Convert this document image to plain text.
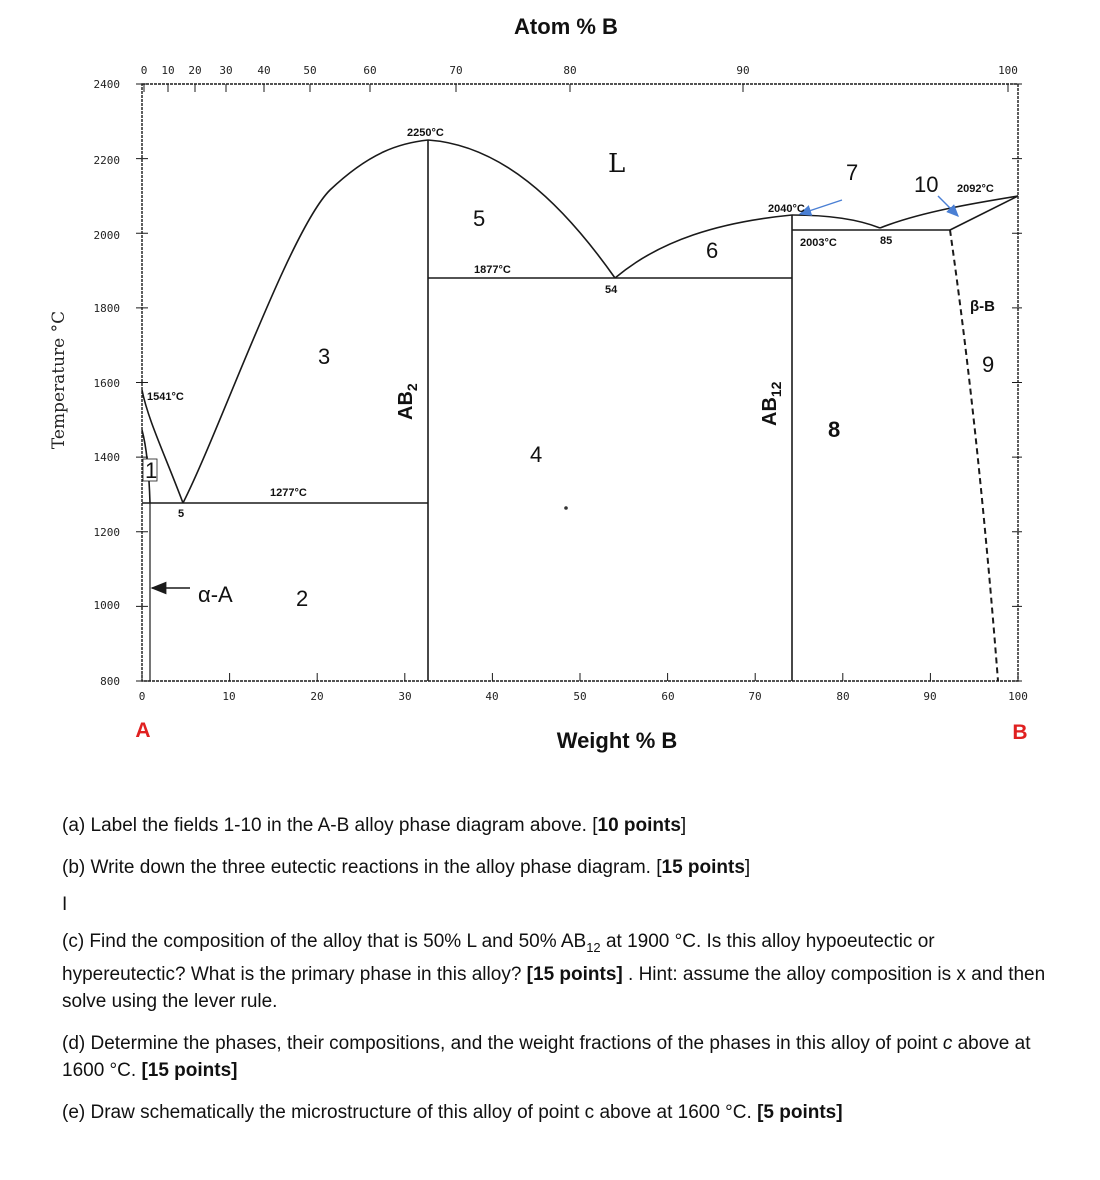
Atom % B
Weight % B
Temperature °C
0 10 20 30 40	50	60	70	80	90	100
0	10	20	30	40	50	60	70	80	90	100
2400
2200
2000
1800
1600
1400
1200
1000
800
A	B
2250°C
2092°C
2040°C
2003°C
1877°C
1541°C
1277°C
54
85
5
L
$AB_2$
$AB_{12}$
α-A
β-B
1
2
3
4
5
6
7
8
9
10

(a) Label the fields 1-10 in the A-B alloy phase diagram above. [10 points]

(b) Write down the three eutectic reactions in the alloy phase diagram. [15 points]

I

(c) Find the composition of the alloy that is 50% L and 50% $AB_{12}$ at 1900 °C. Is this alloy hypoeutectic or hypereutectic? What is the primary phase in this alloy? [15 points] . Hint: assume the alloy composition is x and then solve using the lever rule.

(d) Determine the phases, their compositions, and the weight fractions of the phases in this alloy of point c above at 1600 °C. [15 points]

(e) Draw schematically the microstructure of this alloy of point c above at 1600 °C. [5 points]
